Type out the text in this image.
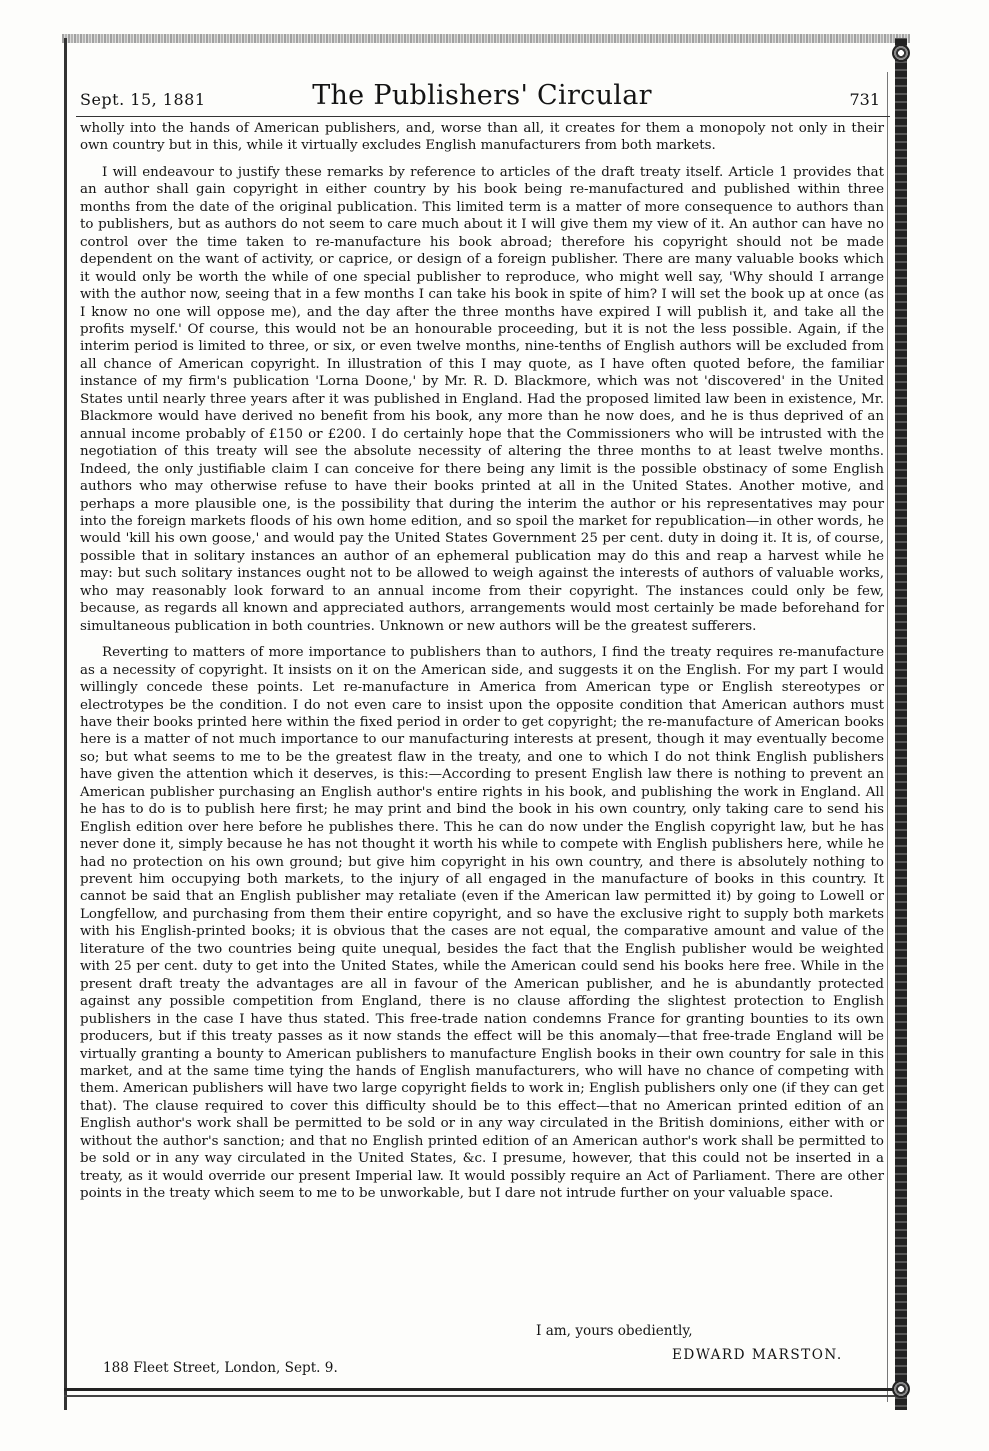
Sept. 15, 1881	The Publishers' Circular	731

wholly into the hands of American publishers, and, worse than all, it creates for them a monopoly not only in their own country but in this, while it virtually excludes English manufacturers from both markets.

I will endeavour to justify these remarks by reference to articles of the draft treaty itself. Article 1 provides that an author shall gain copyright in either country by his book being re-manufactured and published within three months from the date of the original publication. This limited term is a matter of more consequence to authors than to publishers, but as authors do not seem to care much about it I will give them my view of it. An author can have no control over the time taken to re-manufacture his book abroad; therefore his copyright should not be made dependent on the want of activity, or caprice, or design of a foreign publisher. There are many valuable books which it would only be worth the while of one special publisher to reproduce, who might well say, 'Why should I arrange with the author now, seeing that in a few months I can take his book in spite of him? I will set the book up at once (as I know no one will oppose me), and the day after the three months have expired I will publish it, and take all the profits myself.' Of course, this would not be an honourable proceeding, but it is not the less possible. Again, if the interim period is limited to three, or six, or even twelve months, nine-tenths of English authors will be excluded from all chance of American copyright. In illustration of this I may quote, as I have often quoted before, the familiar instance of my firm's publication 'Lorna Doone,' by Mr. R. D. Blackmore, which was not 'discovered' in the United States until nearly three years after it was published in England. Had the proposed limited law been in existence, Mr. Blackmore would have derived no benefit from his book, any more than he now does, and he is thus deprived of an annual income probably of £150 or £200. I do certainly hope that the Commissioners who will be intrusted with the negotiation of this treaty will see the absolute necessity of altering the three months to at least twelve months. Indeed, the only justifiable claim I can conceive for there being any limit is the possible obstinacy of some English authors who may otherwise refuse to have their books printed at all in the United States. Another motive, and perhaps a more plausible one, is the possibility that during the interim the author or his representatives may pour into the foreign markets floods of his own home edition, and so spoil the market for republication—in other words, he would 'kill his own goose,' and would pay the United States Government 25 per cent. duty in doing it. It is, of course, possible that in solitary instances an author of an ephemeral publication may do this and reap a harvest while he may: but such solitary instances ought not to be allowed to weigh against the interests of authors of valuable works, who may reasonably look forward to an annual income from their copyright. The instances could only be few, because, as regards all known and appreciated authors, arrangements would most certainly be made beforehand for simultaneous publication in both countries. Unknown or new authors will be the greatest sufferers.

Reverting to matters of more importance to publishers than to authors, I find the treaty requires re-manufacture as a necessity of copyright. It insists on it on the American side, and suggests it on the English. For my part I would willingly concede these points. Let re-manufacture in America from American type or English stereotypes or electrotypes be the condition. I do not even care to insist upon the opposite condition that American authors must have their books printed here within the fixed period in order to get copyright; the re-manufacture of American books here is a matter of not much importance to our manufacturing interests at present, though it may eventually become so; but what seems to me to be the greatest flaw in the treaty, and one to which I do not think English publishers have given the attention which it deserves, is this:—According to present English law there is nothing to prevent an American publisher purchasing an English author's entire rights in his book, and publishing the work in England. All he has to do is to publish here first; he may print and bind the book in his own country, only taking care to send his English edition over here before he publishes there. This he can do now under the English copyright law, but he has never done it, simply because he has not thought it worth his while to compete with English publishers here, while he had no protection on his own ground; but give him copyright in his own country, and there is absolutely nothing to prevent him occupying both markets, to the injury of all engaged in the manufacture of books in this country. It cannot be said that an English publisher may retaliate (even if the American law permitted it) by going to Lowell or Longfellow, and purchasing from them their entire copyright, and so have the exclusive right to supply both markets with his English-printed books; it is obvious that the cases are not equal, the comparative amount and value of the literature of the two countries being quite unequal, besides the fact that the English publisher would be weighted with 25 per cent. duty to get into the United States, while the American could send his books here free. While in the present draft treaty the advantages are all in favour of the American publisher, and he is abundantly protected against any possible competition from England, there is no clause affording the slightest protection to English publishers in the case I have thus stated. This free-trade nation condemns France for granting bounties to its own producers, but if this treaty passes as it now stands the effect will be this anomaly—that free-trade England will be virtually granting a bounty to American publishers to manufacture English books in their own country for sale in this market, and at the same time tying the hands of English manufacturers, who will have no chance of competing with them. American publishers will have two large copyright fields to work in; English publishers only one (if they can get that). The clause required to cover this difficulty should be to this effect—that no American printed edition of an English author's work shall be permitted to be sold or in any way circulated in the British dominions, either with or without the author's sanction; and that no English printed edition of an American author's work shall be permitted to be sold or in any way circulated in the United States, &c. I presume, however, that this could not be inserted in a treaty, as it would override our present Imperial law. It would possibly require an Act of Parliament. There are other points in the treaty which seem to me to be unworkable, but I dare not intrude further on your valuable space.

I am, yours obediently,
EDWARD MARSTON.
188 Fleet Street, London, Sept. 9.
